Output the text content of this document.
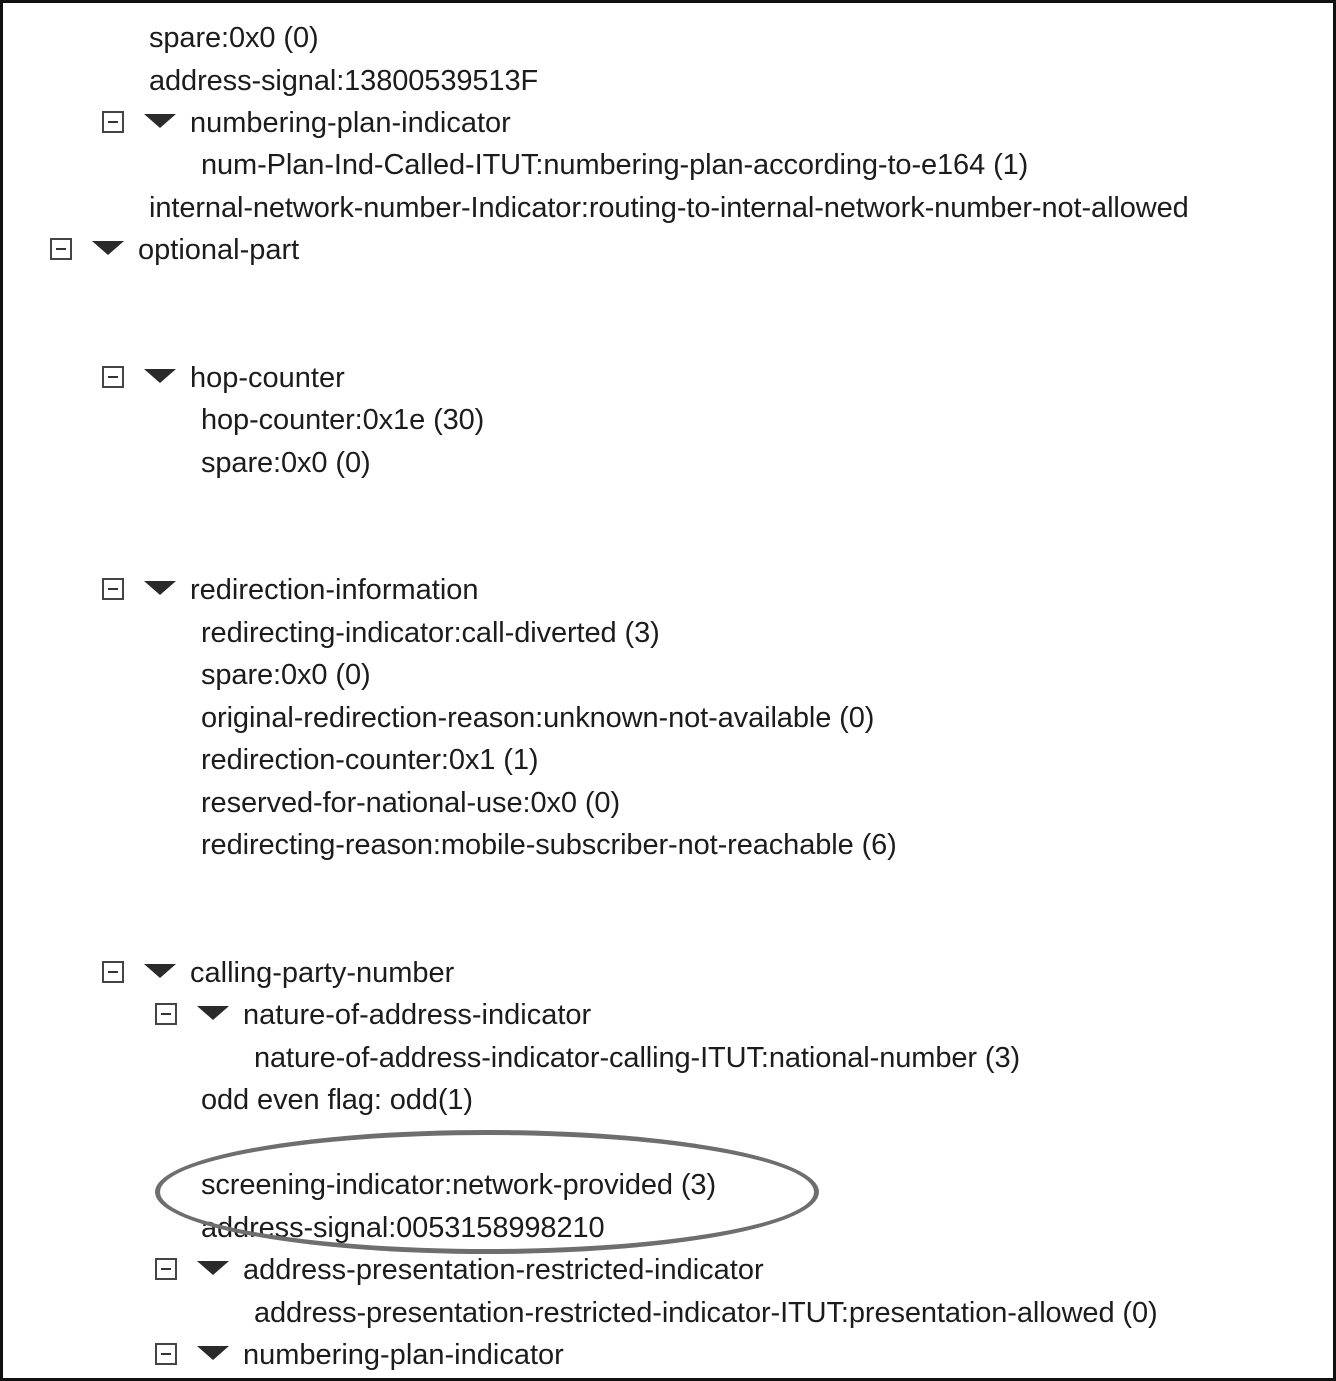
spare:0x0 (0)
address-signal:13800539513F
numbering-plan-indicator
num-Plan-Ind-Called-ITUT:numbering-plan-according-to-e164 (1)
internal-network-number-Indicator:routing-to-internal-network-number-not-allowed
optional-part
hop-counter
hop-counter:0x1e (30)
spare:0x0 (0)
redirection-information
redirecting-indicator:call-diverted (3)
spare:0x0 (0)
original-redirection-reason:unknown-not-available (0)
redirection-counter:0x1 (1)
reserved-for-national-use:0x0 (0)
redirecting-reason:mobile-subscriber-not-reachable (6)
calling-party-number
nature-of-address-indicator
nature-of-address-indicator-calling-ITUT:national-number (3)
odd even flag: odd(1)
screening-indicator:network-provided (3)
address-signal:0053158998210
address-presentation-restricted-indicator
address-presentation-restricted-indicator-ITUT:presentation-allowed (0)
numbering-plan-indicator
